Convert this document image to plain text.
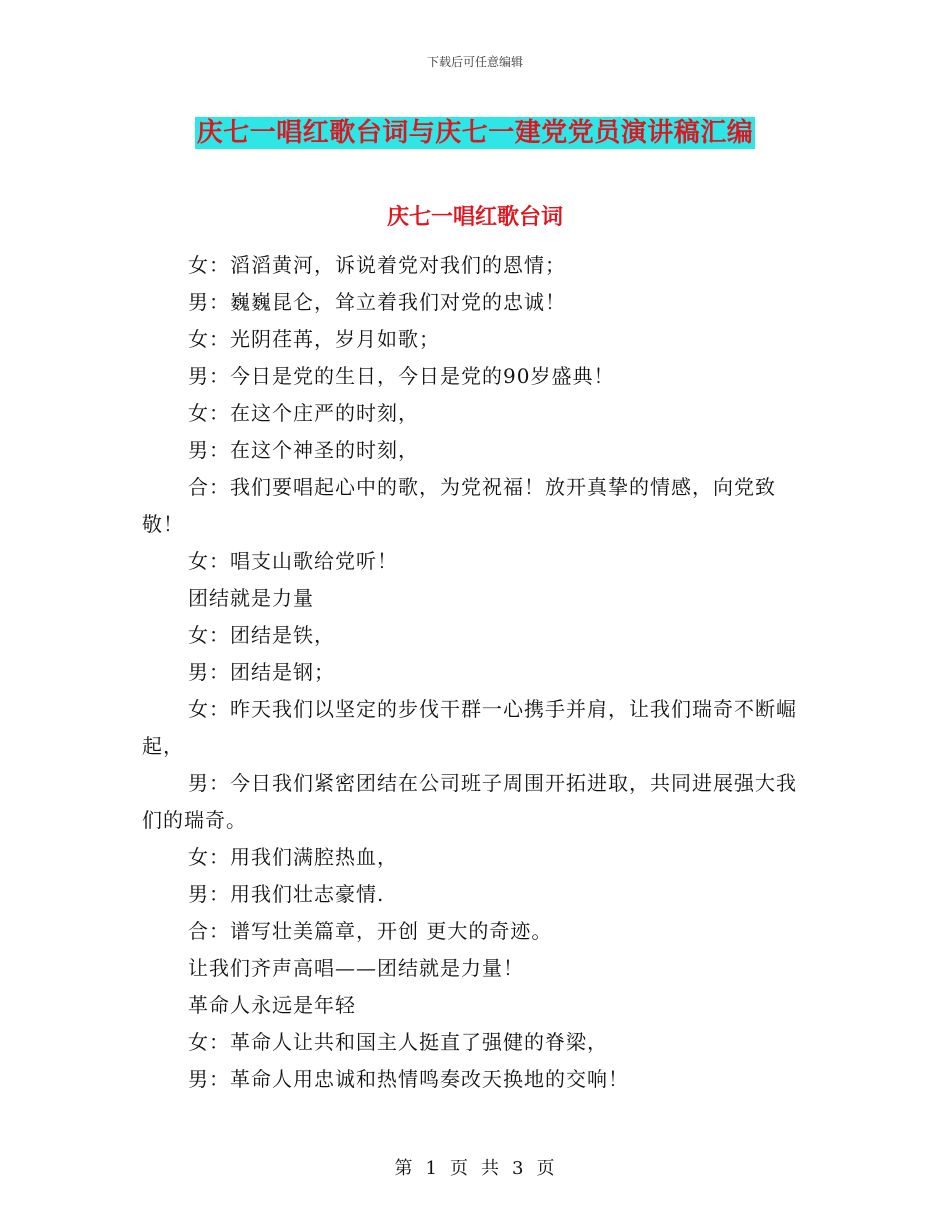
下载后可任意编辑
庆七一唱红歌台词与庆七一建党党员演讲稿汇编
庆七一唱红歌台词

女：滔滔黄河，诉说着党对我们的恩情；

男：巍巍昆仑，耸立着我们对党的忠诚！

女：光阴荏苒，岁月如歌；

男：今日是党的生日，今日是党的90岁盛典！

女：在这个庄严的时刻，

男：在这个神圣的时刻，

合：我们要唱起心中的歌，为党祝福！放开真挚的情感，向党致敬！

女：唱支山歌给党听！

团结就是力量

女：团结是铁，

男：团结是钢；

女：昨天我们以坚定的步伐干群一心携手并肩，让我们瑞奇不断崛起，

男：今日我们紧密团结在公司班子周围开拓进取，共同进展强大我们的瑞奇。

女：用我们满腔热血，

男：用我们壮志豪情.

合：谱写壮美篇章，开创 更大的奇迹。

让我们齐声高唱——团结就是力量！

革命人永远是年轻

女：革命人让共和国主人挺直了强健的脊梁，

男：革命人用忠诚和热情鸣奏改天换地的交响！

第 1 页 共 3 页
